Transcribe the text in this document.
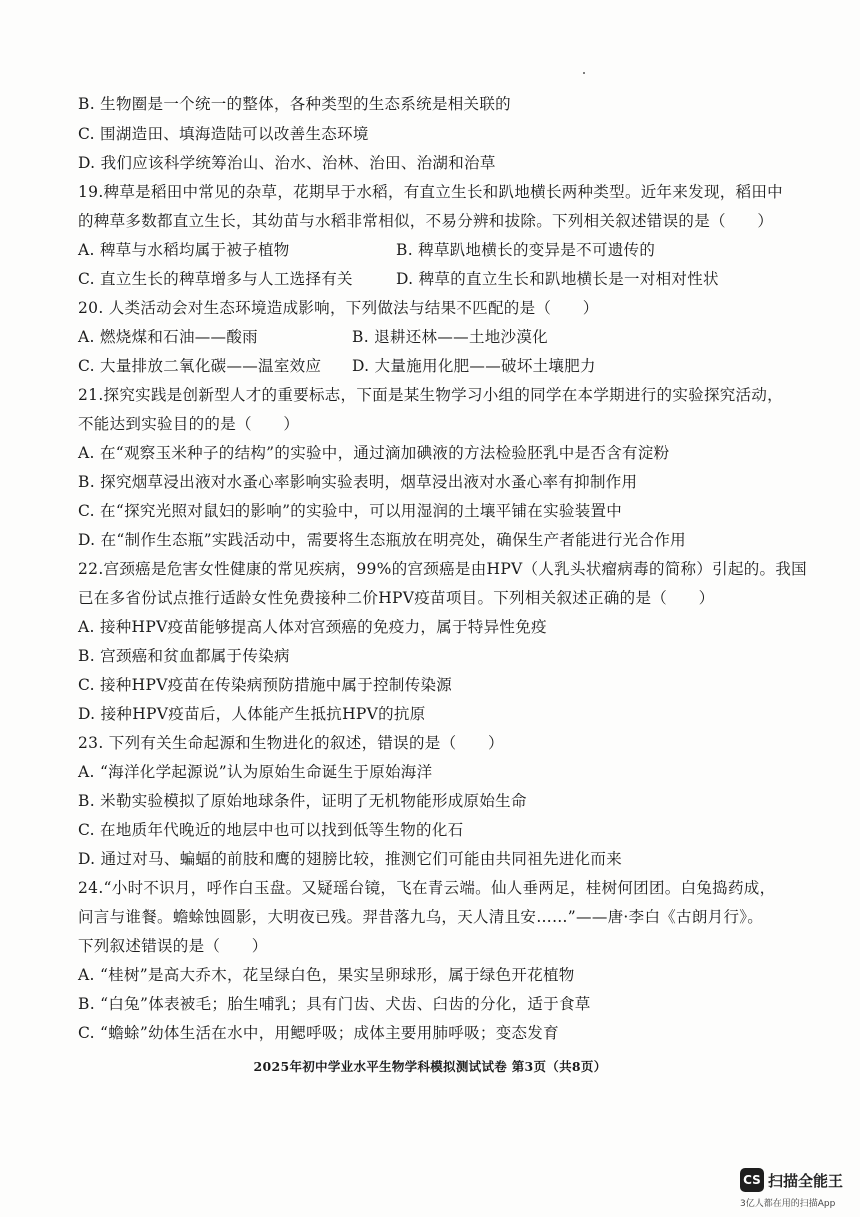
B. 生物圈是一个统一的整体，各种类型的生态系统是相关联的
C. 围湖造田、填海造陆可以改善生态环境
D. 我们应该科学统筹治山、治水、治林、治田、治湖和治草
19.稗草是稻田中常见的杂草，花期早于水稻，有直立生长和趴地横长两种类型。近年来发现，稻田中
的稗草多数都直立生长，其幼苗与水稻非常相似，不易分辨和拔除。下列相关叙述错误的是（　　）
A. 稗草与水稻均属于被子植物	B. 稗草趴地横长的变异是不可遗传的
C. 直立生长的稗草增多与人工选择有关	D. 稗草的直立生长和趴地横长是一对相对性状
20. 人类活动会对生态环境造成影响，下列做法与结果不匹配的是（　　）
A. 燃烧煤和石油——酸雨	B. 退耕还林——土地沙漠化
C. 大量排放二氧化碳——温室效应 D. 大量施用化肥——破坏土壤肥力
21.探究实践是创新型人才的重要标志，下面是某生物学习小组的同学在本学期进行的实验探究活动，
不能达到实验目的的是（　　）
A. 在“观察玉米种子的结构”的实验中，通过滴加碘液的方法检验胚乳中是否含有淀粉
B. 探究烟草浸出液对水蚤心率影响实验表明，烟草浸出液对水蚤心率有抑制作用
C. 在“探究光照对鼠妇的影响”的实验中，可以用湿润的土壤平铺在实验装置中
D. 在“制作生态瓶”实践活动中，需要将生态瓶放在明亮处，确保生产者能进行光合作用
22.宫颈癌是危害女性健康的常见疾病，99%的宫颈癌是由HPV（人乳头状瘤病毒的简称）引起的。我国
已在多省份试点推行适龄女性免费接种二价HPV疫苗项目。下列相关叙述正确的是（　　）
A. 接种HPV疫苗能够提高人体对宫颈癌的免疫力，属于特异性免疫
B. 宫颈癌和贫血都属于传染病
C. 接种HPV疫苗在传染病预防措施中属于控制传染源
D. 接种HPV疫苗后，人体能产生抵抗HPV的抗原
23. 下列有关生命起源和生物进化的叙述，错误的是（　　）
A. “海洋化学起源说”认为原始生命诞生于原始海洋
B. 米勒实验模拟了原始地球条件，证明了无机物能形成原始生命
C. 在地质年代晚近的地层中也可以找到低等生物的化石
D. 通过对马、蝙蝠的前肢和鹰的翅膀比较，推测它们可能由共同祖先进化而来
24.“小时不识月，呼作白玉盘。又疑瑶台镜，飞在青云端。仙人垂两足，桂树何团团。白兔捣药成，
问言与谁餐。蟾蜍蚀圆影，大明夜已残。羿昔落九乌，天人清且安……”——唐·李白《古朗月行》。
下列叙述错误的是（　　）
A. “桂树”是高大乔木，花呈绿白色，果实呈卵球形，属于绿色开花植物
B. “白兔”体表被毛；胎生哺乳；具有门齿、犬齿、臼齿的分化，适于食草
C. “蟾蜍”幼体生活在水中，用鳃呼吸；成体主要用肺呼吸；变态发育
2025年初中学业水平生物学科模拟测试试卷 第3页（共8页）
CS 扫描全能王
3亿人都在用的扫描App
